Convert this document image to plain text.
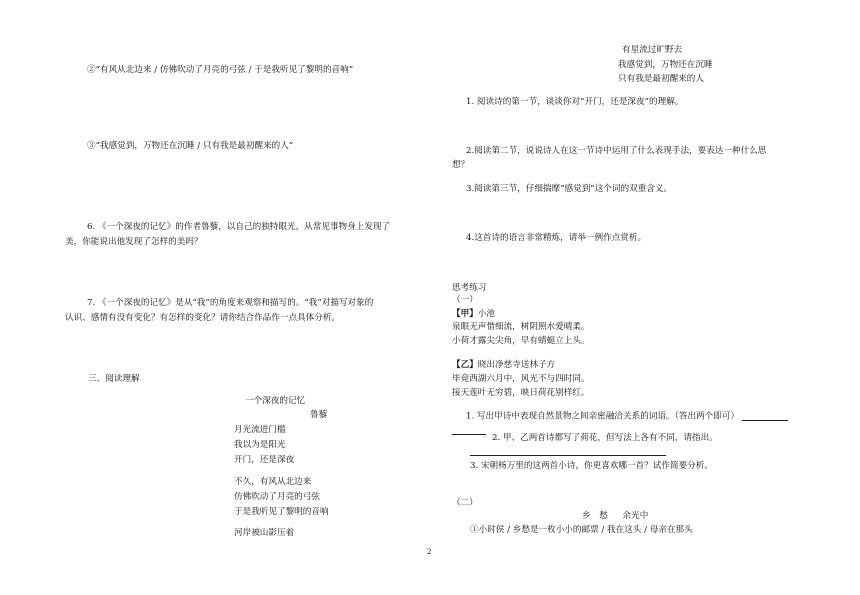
②“有风从北边来 / 仿佛吹动了月亮的弓弦 / 于是我听见了黎明的音响”
③“我感觉到，万物还在沉睡 / 只有我是最初醒来的人”
6. 《一个深夜的记忆》的作者鲁藜，以自己的独特眼光，从常见事物身上发现了
美，你能说出他发现了怎样的美吗？
7. 《一个深夜的记忆》是从“我”的角度来观察和描写的。“我”对描写对象的
认识、感情有没有变化？有怎样的变化？请你结合作品作一点具体分析。
三、阅读理解
一个深夜的记忆
鲁藜
月光流进门槛
我以为是阳光
开门，还是深夜
不久，有风从北边来
仿佛吹动了月亮的弓弦
于是我听见了黎明的音响
河岸被山影压着
有星流过旷野去
我感觉到，万物还在沉睡
只有我是最初醒来的人
1. 阅读诗的第一节，谈谈你对“开门，还是深夜”的理解。
2.阅读第二节，说说诗人在这一节诗中运用了什么表现手法，要表达一种什么思
想？
3.阅读第三节，仔细揣摩“感觉到”这个词的双重含义。
4.这首诗的语言非常精炼，请举一例作点赏析。
思考练习
（一）
【甲】小池
泉眼无声惜细流，树阴照水爱晴柔。
小荷才露尖尖角，早有蜻蜓立上头。
【乙】晓出净慈寺送林子方
毕竟西湖六月中，风光不与四时同。
接天莲叶无穷碧，映日荷花别样红。
1. 写出甲诗中表现自然景物之间亲密融洽关系的词语。（答出两个即可）
2. 甲、乙两首诗都写了荷花，但写法上各有不同，请指出。
3. 宋朝杨万里的这两首小诗，你更喜欢哪一首？试作简要分析。
（二）
乡　愁 余光中
①小时侯 / 乡愁是一枚小小的邮票 / 我在这头 / 母亲在那头
2
